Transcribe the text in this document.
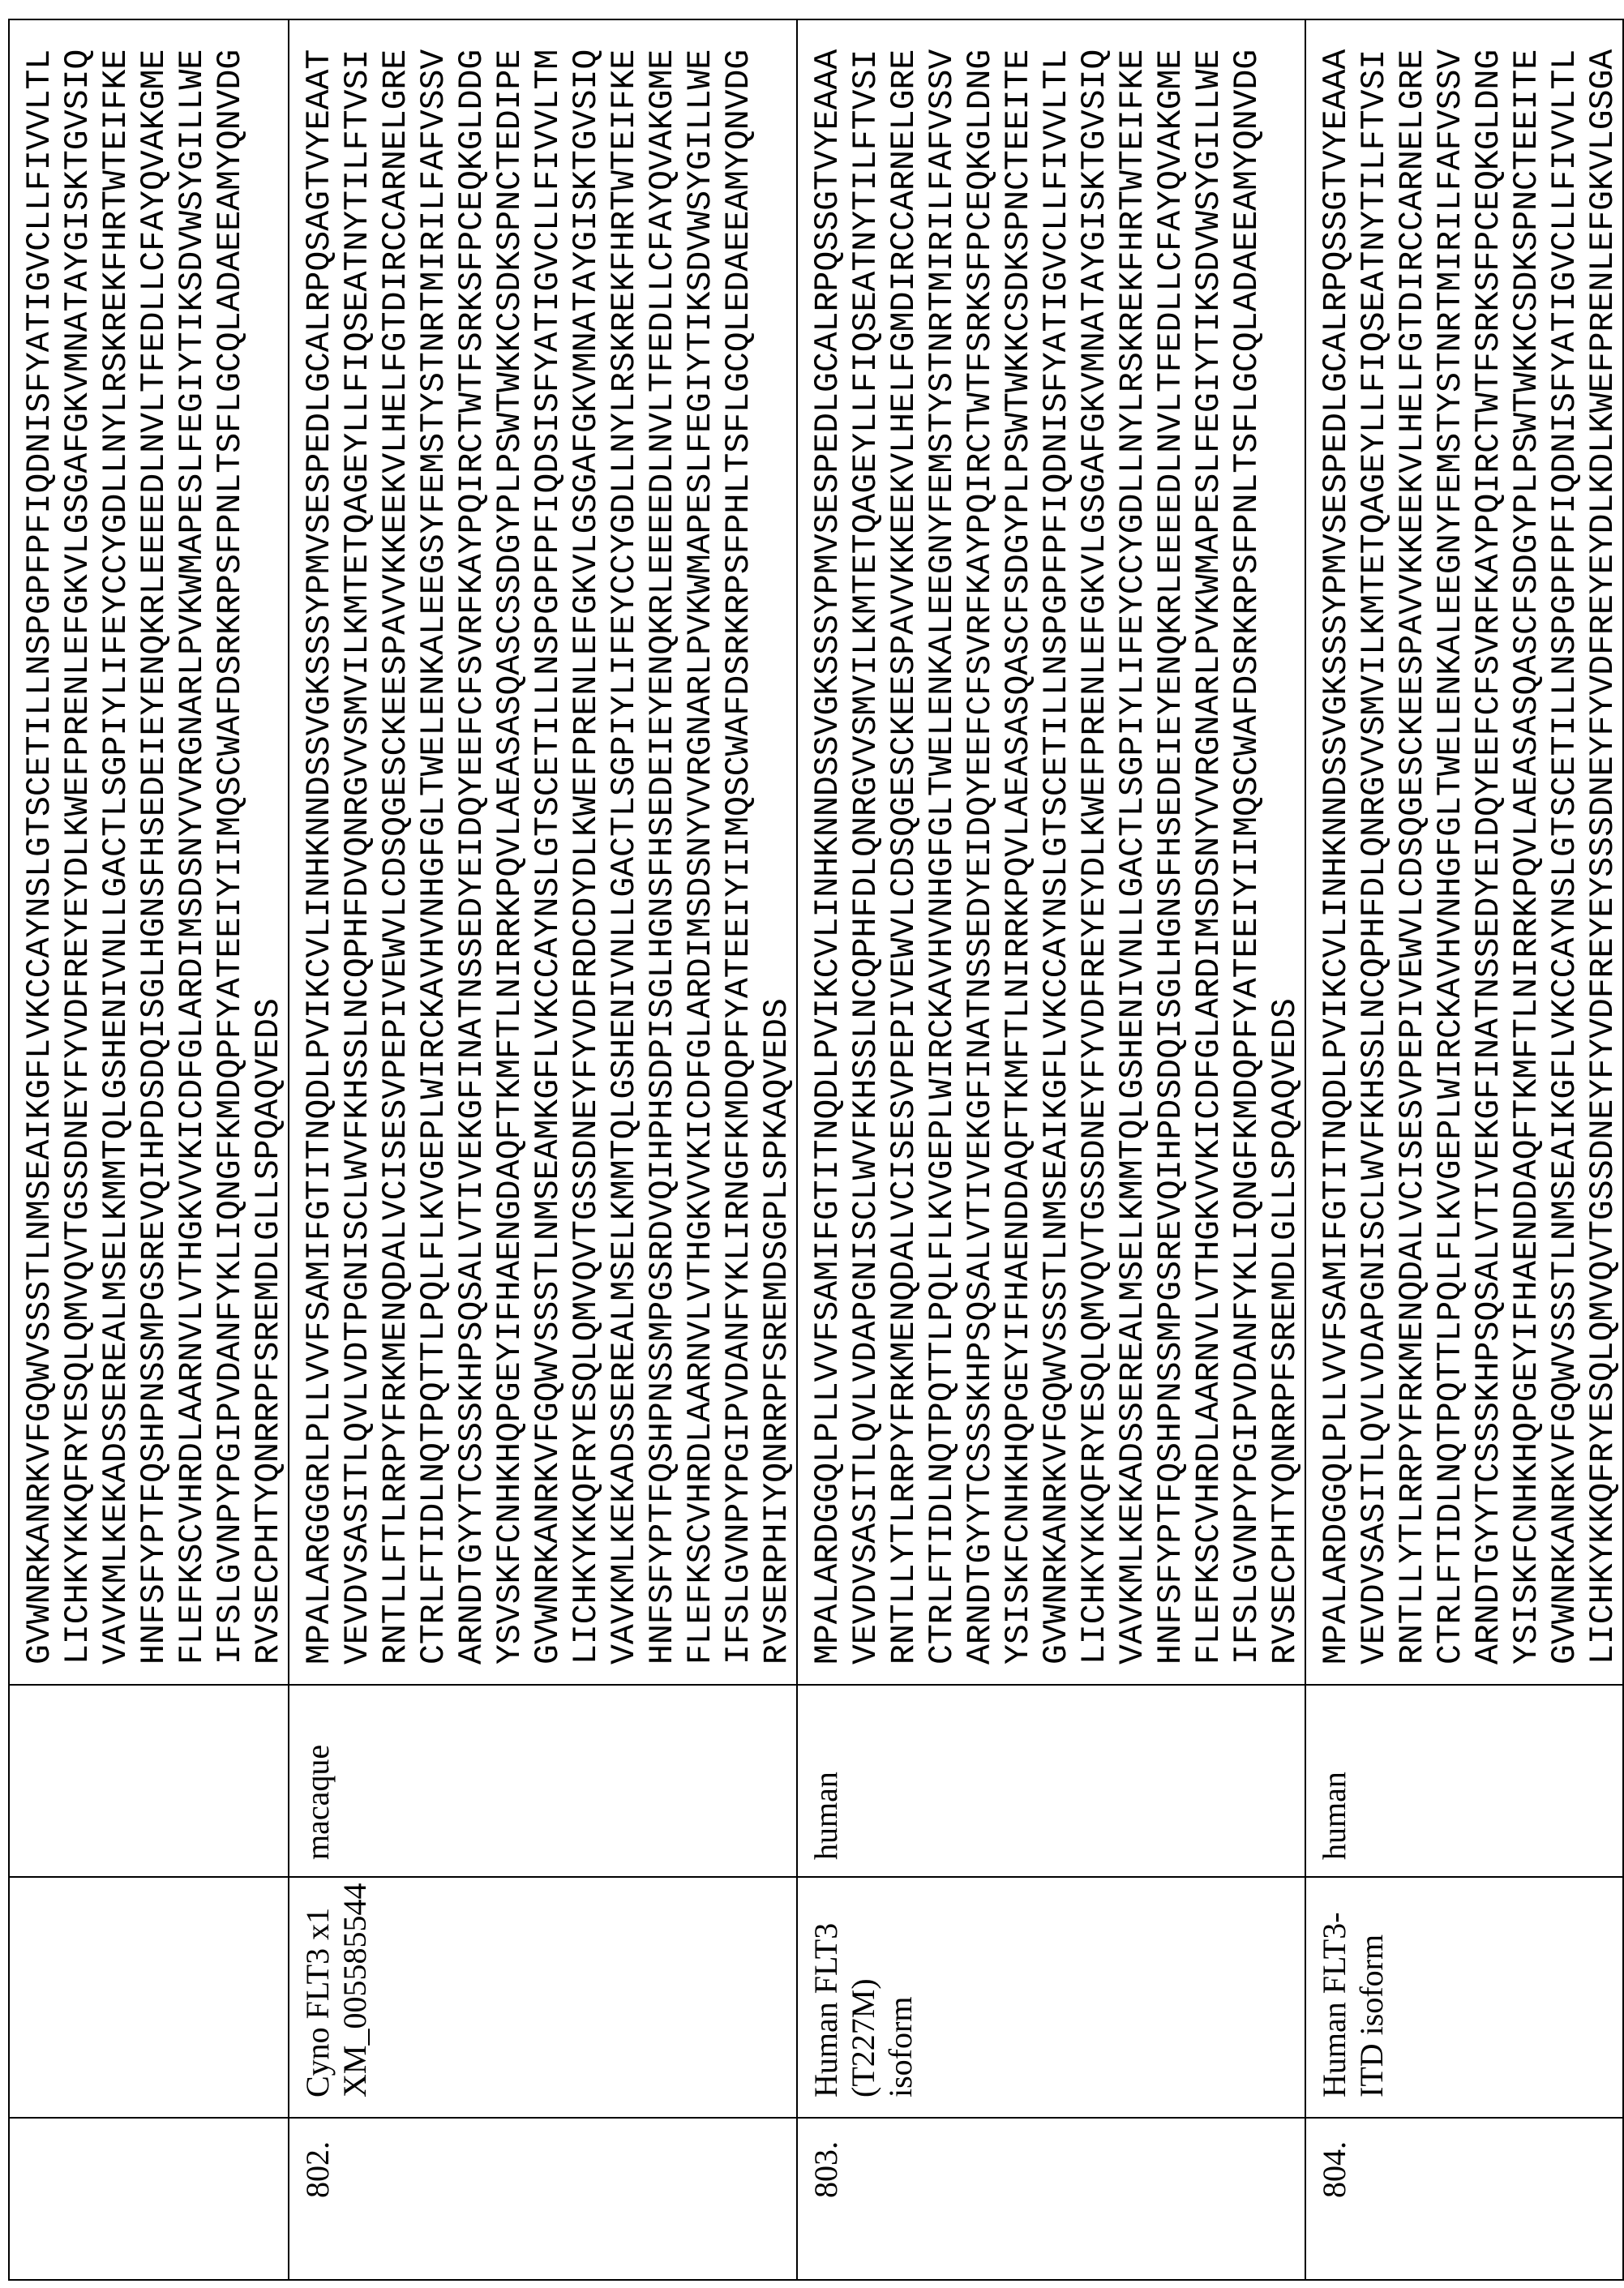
GVWNRKANRKVFGQWVSSSTLNMSEAIKGFLVKCCAYNSLGTSCETILLNSPGPFPFIQDNISFYATIGVCLLFIVVLTL LICHKYKKQFRYESQLQMVQVTGSSDNEYFYVDFREYEYDLKWEFPRENLEFGKVLGSGAFGKVMNATAYGISKTGVSIQ VAVKMLKEKADSSEREALMSELKMMTQLGSHENIVNLLGACTLSGPIYLIFEYCCYGDLLNYLRSKREKFHRTWTEIFKE HNFSFYPTFQSHPNSSMPGSREVQIHPDSDQISGLHGNSFHSEDEIEYENQKRLEEEEDLNVLTFEDLLCFAYQVAKGME FLEFKSCVHRDLAARNVLVTHGKVVKICDFGLARDIMSDSNYVVRGNARLPVKWMAPESLFEGIYTIKSDVWSYGILLWE IFSLGVNPYPGIPVDANFYKLIQNGFKMDQPFYATEEIYIIMQSCWAFDSRKRPSFPNLTSFLGCQLADAEEAMYQNVDG RVSECPHTYQNRRPFSREMDLGLLSPQAQVEDS

802.

Cyno FLT3 x1 XM_005585544

macaque

MPALARGGGRLPLLVVFSAMIFGTITNQDLPVIKCVLINHKNNDSSVGKSSSYPMVSESPEDLGCALRPQSAGTVYEAAT VEVDVSASITLQVLVDTPGNISCLWVFKHSSLNCQPHFDVQNRGVVSMVILKMTETQAGEYLLFIQSEATNYTILFTVSI RNTLLFTLRRPYFRKMENQDALVCISESVPEPIVEWVLCDSQGESCKEESPAVVKKEEKVLHELFGTDIRCCARNELGRE CTRLFTIDLNQTPQTTLPQLFLKVGEPLWIRCKAVHVNHGFGLTWELENKALEEGSYFEMSTYSTNRTMIRILFAFVSSV ARNDTGYYTCSSSKHPSQSALVTIVEKGFINATNSSEDYEIDQYEEFCFSVRFKAYPQIRCTWTFSRKSFPCEQKGLDDG YSVSKFCNHKHQPGEYIFHAENGDAQFTKMFTLNIRRKPQVLAEASASQASCSSDGYPLPSWTWKKCSDKSPNCTEDIPE GVWNRKANRKVFGQWVSSSTLNMSEAMKGFLVKCCAYNSLGTSCETILLNSPGPFPFIQDSISFYATIGVCLLFIVVLTM LICHKYKKQFRYESQLQMVQVTGSSDNEYFYVDFRDCDYDLKWEFPRENLEFGKVLGSGAFGKVMNATAYGISKTGVSIQ VAVKMLKEKADSSEREALMSELKMMTQLGSHENIVNLLGACTLSGPIYLIFEYCCYGDLLNYLRSKREKFHRTWTEIFKE HNFSFYPTFQSHPNSSMPGSRDVQIHPHSDPISGLHGNSFHSEDEIEYENQKRLEEEEDLNVLTFEDLLCFAYQVAKGME FLEFKSCVHRDLAARNVLVTHGKVVKICDFGLARDIMSDSNYVVRGNARLPVKWMAPESLFEGIYTIKSDVWSYGILLWE IFSLGVNPYPGIPVDANFYKLIRNGFKMDQPFYATEEIYIIMQSCWAFDSRKRPSFPHLTSFLGCQLEDAEEAMYQNVDG RVSERPHIYQNRRPFSREMDSGPLSPKAQVEDS

803.

Human FLT3 (T227M) isoform

human

MPALARDGGQLPLLVVFSAMIFGTITNQDLPVIKCVLINHKNNDSSVGKSSSYPMVSESPEDLGCALRPQSSGTVYEAAA VEVDVSASITLQVLVDAPGNISCLWVFKHSSLNCQPHFDLQNRGVVSMVILKMTETQAGEYLLFIQSEATNYTILFTVSI RNTLLYTLRRPYFRKMENQDALVCISESVPEPIVEWVLCDSQGESCKEESPAVVKKEEKVLHELFGMDIRCCARNELGRE CTRLFTIDLNQTPQTTLPQLFLKVGEPLWIRCKAVHVNHGFGLTWELENKALEEGNYFEMSTYSTNRTMIRILFAFVSSV ARNDTGYYTCSSSKHPSQSALVTIVEKGFINATNSSEDYEIDQYEEFCFSVRFKAYPQIRCTWTFSRKSFPCEQKGLDNG YSISKFCNHKHQPGEYIFHAENDDAQFTKMFTLNIRRKPQVLAEASASQASCFSDGYPLPSWTWKKCSDKSPNCTEEITE GVWNRKANRKVFGQWVSSSTLNMSEAIKGFLVKCCAYNSLGTSCETILLNSPGPFPFIQDNISFYATIGVCLLFIVVLTL LICHKYKKQFRYESQLQMVQVTGSSDNEYFYVDFREYEYDLKWEFPRENLEFGKVLGSGAFGKVMNATAYGISKTGVSIQ VAVKMLKEKADSSEREALMSELKMMTQLGSHENIVNLLGACTLSGPIYLIFEYCCYGDLLNYLRSKREKFHRTWTEIFKE HNFSFYPTFQSHPNSSMPGSREVQIHPDSDQISGLHGNSFHSEDEIEYENQKRLEEEEDLNVLTFEDLLCFAYQVAKGME FLEFKSCVHRDLAARNVLVTHGKVVKICDFGLARDIMSDSNYVVRGNARLPVKWMAPESLFEGIYTIKSDVWSYGILLWE IFSLGVNPYPGIPVDANFYKLIQNGFKMDQPFYATEEIYIIMQSCWAFDSRKRPSFPNLTSFLGCQLADAEEAMYQNVDG RVSECPHTYQNRRPFSREMDLGLLSPQAQVEDS

804.

Human FLT3- ITD isoform

human

MPALARDGGQLPLLVVFSAMIFGTITNQDLPVIKCVLINHKNNDSSVGKSSSYPMVSESPEDLGCALRPQSSGTVYEAAA VEVDVSASITLQVLVDAPGNISCLWVFKHSSLNCQPHFDLQNRGVVSMVILKMTETQAGEYLLFIQSEATNYTILFTVSI RNTLLYTLRRPYFRKMENQDALVCISESVPEPIVEWVLCDSQGESCKEESPAVVKKEEKVLHELFGTDIRCCARNELGRE CTRLFTIDLNQTPQTTLPQLFLKVGEPLWIRCKAVHVNHGFGLTWELENKALEEGNYFEMSTYSTNRTMIRILFAFVSSV ARNDTGYYTCSSSKHPSQSALVTIVEKGFINATNSSEDYEIDQYEEFCFSVRFKAYPQIRCTWTFSRKSFPCEQKGLDNG YSISKFCNHKHQPGEYIFHAENDDAQFTKMFTLNIRRKPQVLAEASASQASCFSDGYPLPSWTWKKCSDKSPNCTEEITE GVWNRKANRKVFGQWVSSSTLNMSEAIKGFLVKCCAYNSLGTSCETILLNSPGPFPFIQDNISFYATIGVCLLFIVVLTL LICHKYKKQFRYESQLQMVQVTGSSDNEYFYVDFREYEYSSSDNEYFYVDFREYEYDLKDLKWEFPRENLEFGKVLGSGA
